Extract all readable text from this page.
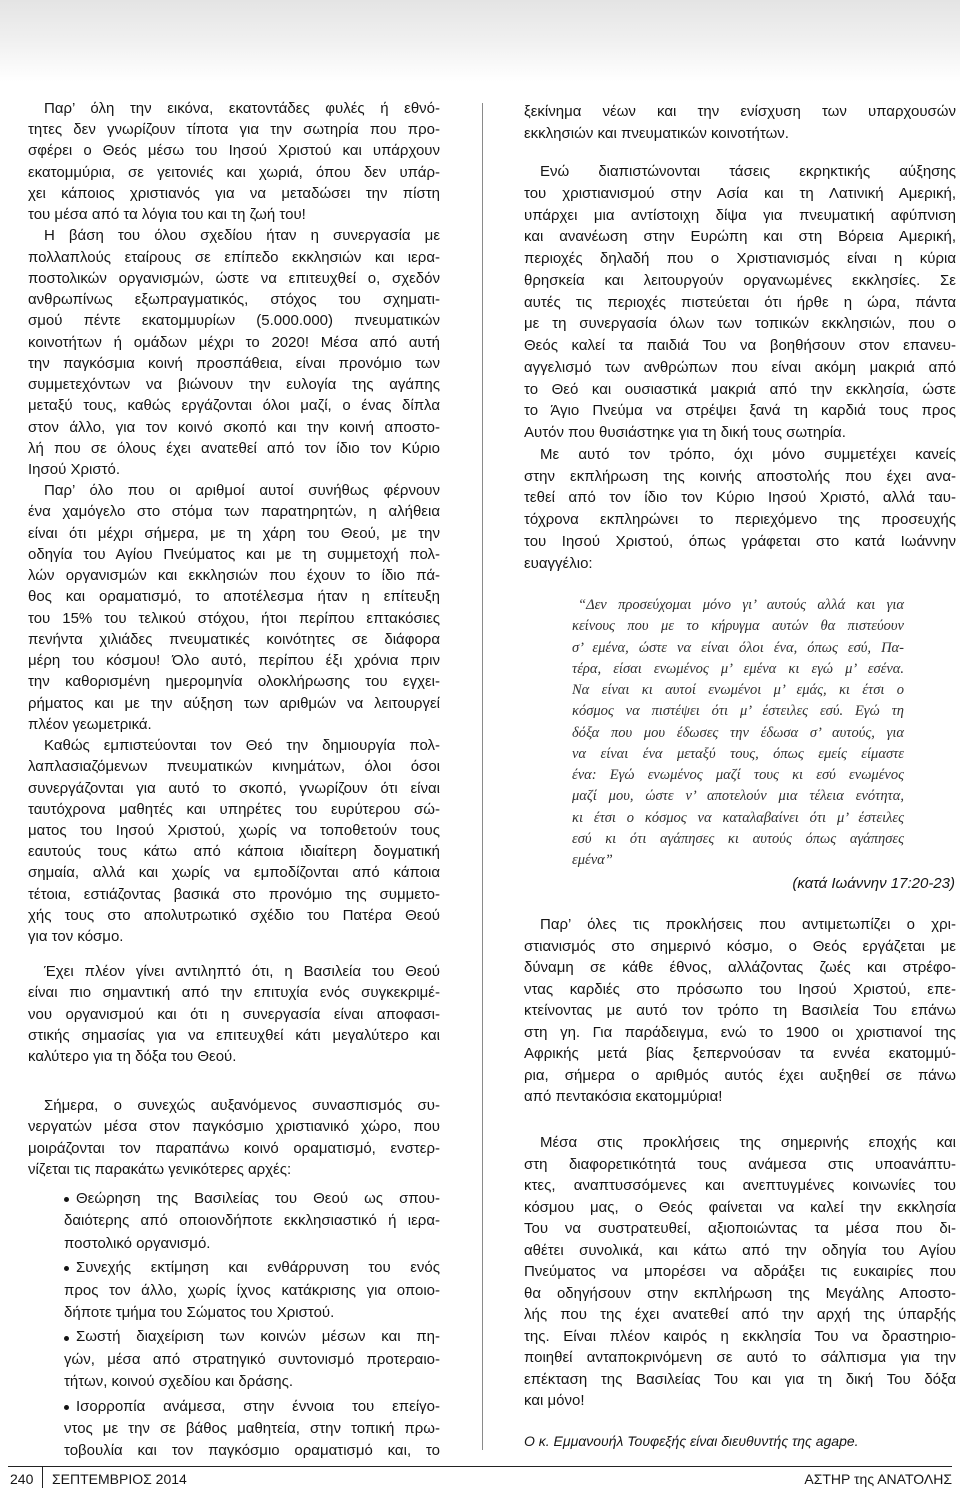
Παρ’ όλη την εικόνα, εκατοντάδες φυλές ή εθνό-
τητες δεν γνωρίζουν τίποτα για την σωτηρία που προ-
σφέρει ο Θεός μέσω του Ιησού Χριστού και υπάρχουν
εκατομμύρια, σε γειτονιές και χωριά, όπου δεν υπάρ-
χει κάποιος χριστιανός για να μεταδώσει την πίστη
του μέσα από τα λόγια του και τη ζωή του!
Η βάση του όλου σχεδίου ήταν η συνεργασία με
πολλαπλούς εταίρους σε επίπεδο εκκλησιών και ιερα-
ποστολικών οργανισμών, ώστε να επιτευχθεί ο, σχεδόν
ανθρωπίνως εξωπραγματικός, στόχος του σχηματι-
σμού πέντε εκατομμυρίων (5.000.000) πνευματικών
κοινοτήτων ή ομάδων μέχρι το 2020! Μέσα από αυτή
την παγκόσμια κοινή προσπάθεια, είναι προνόμιο των
συμμετεχόντων να βιώνουν την ευλογία της αγάπης
μεταξύ τους, καθώς εργάζονται όλοι μαζί, ο ένας δίπλα
στον άλλο, για τον κοινό σκοπό και την κοινή αποστο-
λή που σε όλους έχει ανατεθεί από τον ίδιο τον Κύριο
Ιησού Χριστό.
Παρ’ όλο που οι αριθμοί αυτοί συνήθως φέρνουν
ένα χαμόγελο στο στόμα των παρατηρητών, η αλήθεια
είναι ότι μέχρι σήμερα, με τη χάρη του Θεού, με την
οδηγία του Αγίου Πνεύματος και με τη συμμετοχή πολ-
λών οργανισμών και εκκλησιών που έχουν το ίδιο πά-
θος και οραματισμό, το αποτέλεσμα ήταν η επίτευξη
του 15% του τελικού στόχου, ήτοι περίπου επτακόσιες
πενήντα χιλιάδες πνευματικές κοινότητες σε διάφορα
μέρη του κόσμου! Όλο αυτό, περίπου έξι χρόνια πριν
την καθορισμένη ημερομηνία ολοκλήρωσης του εγχει-
ρήματος και με την αύξηση των αριθμών να λειτουργεί
πλέον γεωμετρικά.
Καθώς εμπιστεύονται τον Θεό την δημιουργία πολ-
λαπλασιαζόμενων πνευματικών κινημάτων, όλοι όσοι
συνεργάζονται για αυτό το σκοπό, γνωρίζουν ότι είναι
ταυτόχρονα μαθητές και υπηρέτες του ευρύτερου σώ-
ματος του Ιησού Χριστού, χωρίς να τοποθετούν τους
εαυτούς τους κάτω από κάποια ιδιαίτερη δογματική
σημαία, αλλά και χωρίς να εμποδίζονται από κάποια
τέτοια, εστιάζοντας βασικά στο προνόμιο της συμμετο-
χής τους στο απολυτρωτικό σχέδιο του Πατέρα Θεού
για τον κόσμο.
Έχει πλέον γίνει αντιληπτό ότι, η Βασιλεία του Θεού
είναι πιο σημαντική από την επιτυχία ενός συγκεκριμέ-
νου οργανισμού και ότι η συνεργασία είναι αποφασι-
στικής σημασίας για να επιτευχθεί κάτι μεγαλύτερο και
καλύτερο για τη δόξα του Θεού.
Σήμερα, ο συνεχώς αυξανόμενος συνασπισμός συ-
νεργατών μέσα στον παγκόσμιο χριστιανικό χώρο, που
μοιράζονται τον παραπάνω κοινό οραματισμό, ενστερ-
νίζεται τις παρακάτω γενικότερες αρχές:
Θεώρηση της Βασιλείας του Θεού ως σπου-
δαιότερης από οποιονδήποτε εκκλησιαστικό ή ιερα-
ποστολικό οργανισμό.
Συνεχής εκτίμηση και ενθάρρυνση του ενός
προς τον άλλο, χωρίς ίχνος κατάκρισης για οποιο-
δήποτε τμήμα του Σώματος του Χριστού.
Σωστή διαχείριση των κοινών μέσων και πη-
γών, μέσα από στρατηγικό συντονισμό προτεραιο-
τήτων, κοινού σχεδίου και δράσης.
Ισορροπία ανάμεσα, στην έννοια του επείγο-
ντος με την σε βάθος μαθητεία, στην τοπική πρω-
τοβουλία και τον παγκόσμιο οραματισμό και, το
ξεκίνημα νέων και την ενίσχυση των υπαρχουσών
εκκλησιών και πνευματικών κοινοτήτων.
Ενώ διαπιστώνονται τάσεις εκρηκτικής αύξησης
του χριστιανισμού στην Ασία και τη Λατινική Αμερική,
υπάρχει μια αντίστοιχη δίψα για πνευματική αφύπνιση
και ανανέωση στην Ευρώπη και στη Βόρεια Αμερική,
περιοχές δηλαδή που ο Χριστιανισμός είναι η κύρια
θρησκεία και λειτουργούν οργανωμένες εκκλησίες. Σε
αυτές τις περιοχές πιστεύεται ότι ήρθε η ώρα, πάντα
με τη συνεργασία όλων των τοπικών εκκλησιών, που ο
Θεός καλεί τα παιδιά Του να βοηθήσουν στον επανευ-
αγγελισμό των ανθρώπων που είναι ακόμη μακριά από
το Θεό και ουσιαστικά μακριά από την εκκλησία, ώστε
το Άγιο Πνεύμα να στρέψει ξανά τη καρδιά τους προς
Αυτόν που θυσιάστηκε για τη δική τους σωτηρία.
Με αυτό τον τρόπο, όχι μόνο συμμετέχει κανείς
στην εκπλήρωση της κοινής αποστολής που έχει ανα-
τεθεί από τον ίδιο τον Κύριο Ιησού Χριστό, αλλά ταυ-
τόχρονα εκπληρώνει το περιεχόμενο της προσευχής
του Ιησού Χριστού, όπως γράφεται στο κατά Ιωάννην
ευαγγέλιο:
“Δεν προσεύχομαι μόνο γι’ αυτούς αλλά και για
κείνους που με το κήρυγμα αυτών θα πιστεύουν
σ’ εμένα, ώστε να είναι όλοι ένα, όπως εσύ, Πα-
τέρα, είσαι ενωμένος μ’ εμένα κι εγώ μ’ εσένα.
Να είναι κι αυτοί ενωμένοι μ’ εμάς, κι έτσι ο
κόσμος να πιστέψει ότι μ’ έστειλες εσύ. Εγώ τη
δόξα που μου έδωσες την έδωσα σ’ αυτούς, για
να είναι ένα μεταξύ τους, όπως εμείς είμαστε
ένα: Εγώ ενωμένος μαζί τους κι εσύ ενωμένος
μαζί μου, ώστε ν’ αποτελούν μια τέλεια ενότητα,
κι έτσι ο κόσμος να καταλαβαίνει ότι μ’ έστειλες
εσύ κι ότι αγάπησες κι αυτούς όπως αγάπησες
εμένα”
(κατά Ιωάννην 17:20-23)
Παρ’ όλες τις προκλήσεις που αντιμετωπίζει ο χρι-
στιανισμός στο σημερινό κόσμο, ο Θεός εργάζεται με
δύναμη σε κάθε έθνος, αλλάζοντας ζωές και στρέφο-
ντας καρδιές στο πρόσωπο του Ιησού Χριστού, επε-
κτείνοντας με αυτό τον τρόπο τη Βασιλεία Του επάνω
στη γη. Για παράδειγμα, ενώ το 1900 οι χριστιανοί της
Αφρικής μετά βίας ξεπερνούσαν τα εννέα εκατομμύ-
ρια, σήμερα ο αριθμός αυτός έχει αυξηθεί σε πάνω
από πεντακόσια εκατομμύρια!
Μέσα στις προκλήσεις της σημερινής εποχής και
στη διαφορετικότητά τους ανάμεσα στις υποανάπτυ-
κτες, αναπτυσσόμενες και ανεπτυγμένες κοινωνίες του
κόσμου μας, ο Θεός φαίνεται να καλεί την εκκλησία
Του να συστρατευθεί, αξιοποιώντας τα μέσα που δι-
αθέτει συνολικά, και κάτω από την οδηγία του Αγίου
Πνεύματος να μπορέσει να αδράξει τις ευκαιρίες που
θα οδηγήσουν στην εκπλήρωση της Μεγάλης Αποστο-
λής που της έχει ανατεθεί από την αρχή της ύπαρξής
της. Είναι πλέον καιρός η εκκλησία Του να δραστηριο-
ποιηθεί ανταποκρινόμενη σε αυτό το σάλπισμα για την
επέκταση της Βασιλείας Του και για τη δική Του δόξα
και μόνο!
Ο κ. Εμμανουήλ Τουφεξής είναι διευθυντής της agape.
240 ΣΕΠΤΕΜΒΡΙΟΣ 2014	ΑΣΤΗΡ της ΑΝΑΤΟΛΗΣ
